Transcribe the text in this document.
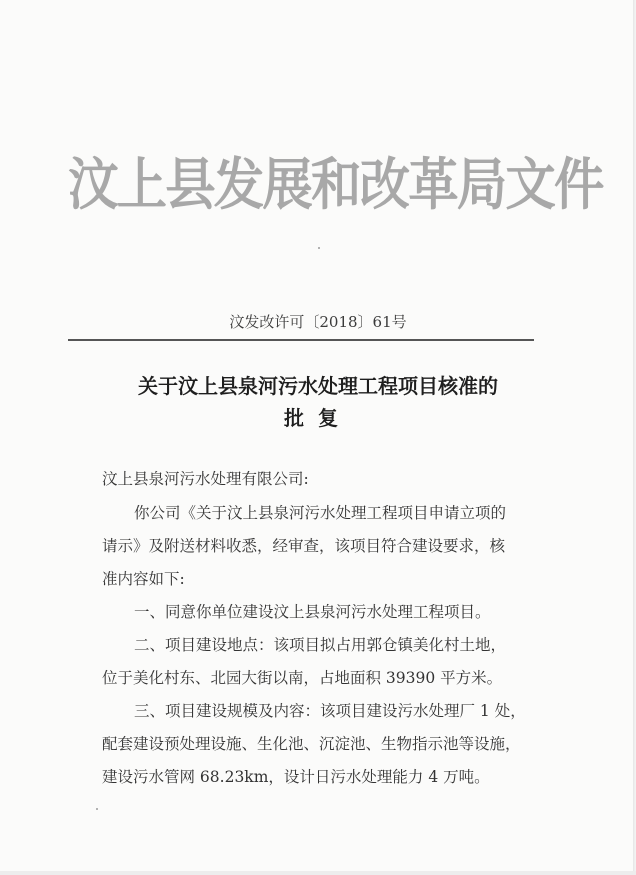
汶上县发展和改革局文件
汶发改许可〔2018〕61号
关于汶上县泉河污水处理工程项目核准的
批复
汶上县泉河污水处理有限公司:
你公司《关于汶上县泉河污水处理工程项目申请立项的
请示》及附送材料收悉，经审查，该项目符合建设要求，核
准内容如下:
一、同意你单位建设汶上县泉河污水处理工程项目。
二、项目建设地点：该项目拟占用郭仓镇美化村土地，
位于美化村东、北园大街以南，占地面积 39390 平方米。
三、项目建设规模及内容：该项目建设污水处理厂 1 处，
配套建设预处理设施、生化池、沉淀池、生物指示池等设施，
建设污水管网 68.23km，设计日污水处理能力 4 万吨。
